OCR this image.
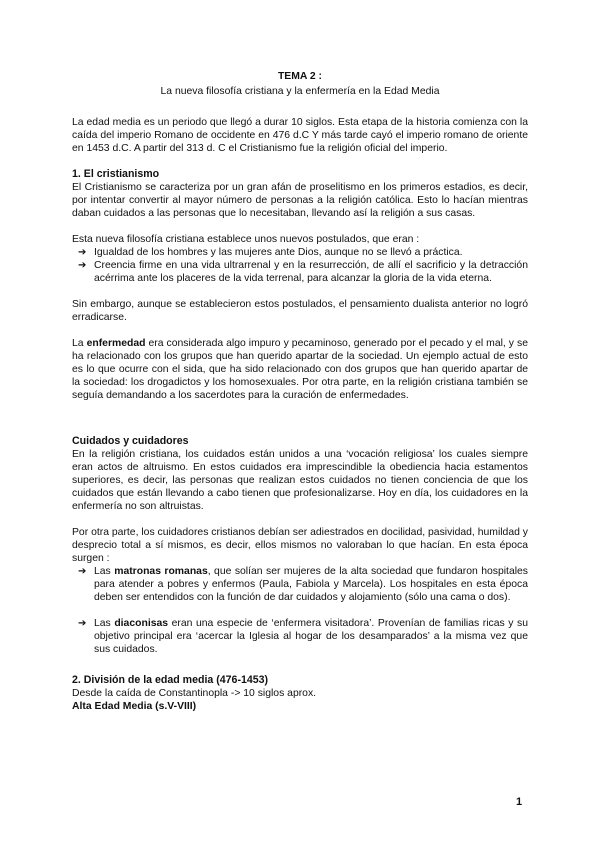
TEMA 2 :

La nueva filosofía cristiana y la enfermería en la Edad Media

La edad media es un periodo que llegó a durar 10 siglos. Esta etapa de la historia comienza con la caída del imperio Romano de occidente en 476 d.C Y más tarde cayó el imperio romano de oriente en 1453 d.C. A partir del 313 d. C el Cristianismo fue la religión oficial del imperio.

1. El cristianismo

El Cristianismo se caracteriza por un gran afán de proselitismo en los primeros estadios, es decir, por intentar convertir al mayor número de personas a la religión católica. Esto lo hacían mientras daban cuidados a las personas que lo necesitaban, llevando así la religión a sus casas.

Esta nueva filosofía cristiana establece unos nuevos postulados, que eran :

➔ Igualdad de los hombres y las mujeres ante Dios, aunque no se llevó a práctica.
➔ Creencia firme en una vida ultrarrenal y en la resurrección, de allí el sacrificio y la detracción acérrima ante los placeres de la vida terrenal, para alcanzar la gloria de la vida eterna.

Sin embargo, aunque se establecieron estos postulados, el pensamiento dualista anterior no logró erradicarse.

La enfermedad era considerada algo impuro y pecaminoso, generado por el pecado y el mal, y se ha relacionado con los grupos que han querido apartar de la sociedad. Un ejemplo actual de esto es lo que ocurre con el sida, que ha sido relacionado con dos grupos que han querido apartar de la sociedad: los drogadictos y los homosexuales. Por otra parte, en la religión cristiana también se seguía demandando a los sacerdotes para la curación de enfermedades.

Cuidados y cuidadores

En la religión cristiana, los cuidados están unidos a una ‘vocación religiosa’ los cuales siempre eran actos de altruismo. En estos cuidados era imprescindible la obediencia hacia estamentos superiores, es decir, las personas que realizan estos cuidados no tienen conciencia de que los cuidados que están llevando a cabo tienen que profesionalizarse. Hoy en día, los cuidadores en la enfermería no son altruistas.

Por otra parte, los cuidadores cristianos debían ser adiestrados en docilidad, pasividad, humildad y desprecio total a sí mismos, es decir, ellos mismos no valoraban lo que hacían. En esta época surgen :

➔ Las matronas romanas, que solían ser mujeres de la alta sociedad que fundaron hospitales para atender a pobres y enfermos (Paula, Fabiola y Marcela). Los hospitales en esta época deben ser entendidos con la función de dar cuidados y alojamiento (sólo una cama o dos).
➔ Las diaconisas eran una especie de ‘enfermera visitadora’. Provenían de familias ricas y su objetivo principal era ‘acercar la Iglesia al hogar de los desamparados’ a la misma vez que sus cuidados.
2. División de la edad media (476-1453)

Desde la caída de Constantinopla -> 10 siglos aprox.

Alta Edad Media (s.V-VIII)

1
